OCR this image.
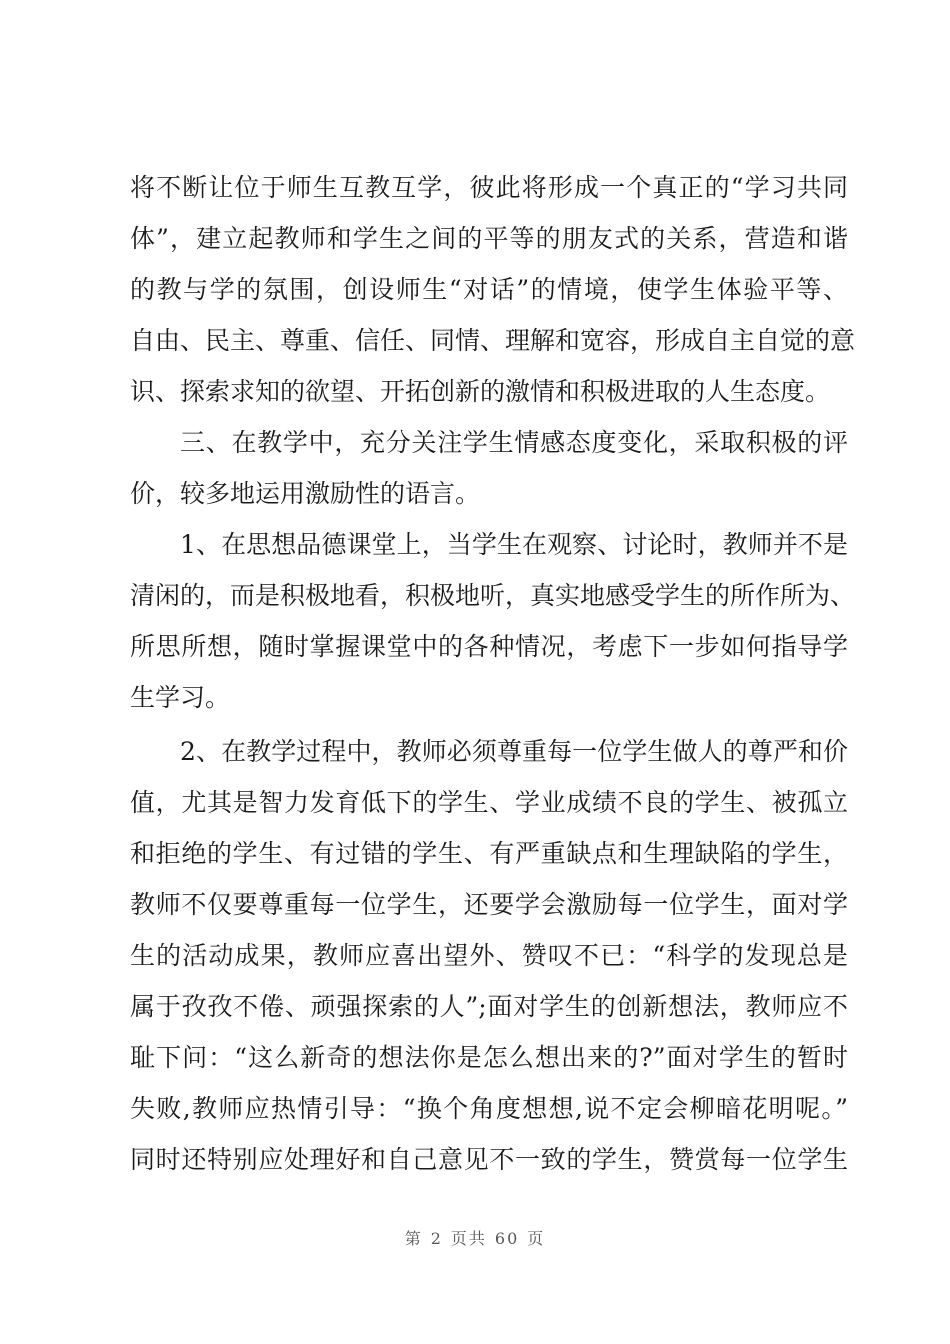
将不断让位于师生互教互学，彼此将形成一个真正的“学习共同
体”，建立起教师和学生之间的平等的朋友式的关系，营造和谐
的教与学的氛围，创设师生“对话”的情境，使学生体验平等、
自由、民主、尊重、信任、同情、理解和宽容，形成自主自觉的意
识、探索求知的欲望、开拓创新的激情和积极进取的人生态度。
三、在教学中，充分关注学生情感态度变化，采取积极的评
价，较多地运用激励性的语言。
1、在思想品德课堂上，当学生在观察、讨论时，教师并不是
清闲的，而是积极地看，积极地听，真实地感受学生的所作所为、
所思所想，随时掌握课堂中的各种情况，考虑下一步如何指导学
生学习。
2、在教学过程中，教师必须尊重每一位学生做人的尊严和价
值，尤其是智力发育低下的学生、学业成绩不良的学生、被孤立
和拒绝的学生、有过错的学生、有严重缺点和生理缺陷的学生，
教师不仅要尊重每一位学生，还要学会激励每一位学生，面对学
生的活动成果，教师应喜出望外、赞叹不已：“科学的发现总是
属于孜孜不倦、顽强探索的人”;面对学生的创新想法，教师应不
耻下问：“这么新奇的想法你是怎么想出来的?”面对学生的暂时
失败,教师应热情引导：“换个角度想想,说不定会柳暗花明呢。”
同时还特别应处理好和自己意见不一致的学生，赞赏每一位学生
第 2 页共 60 页
